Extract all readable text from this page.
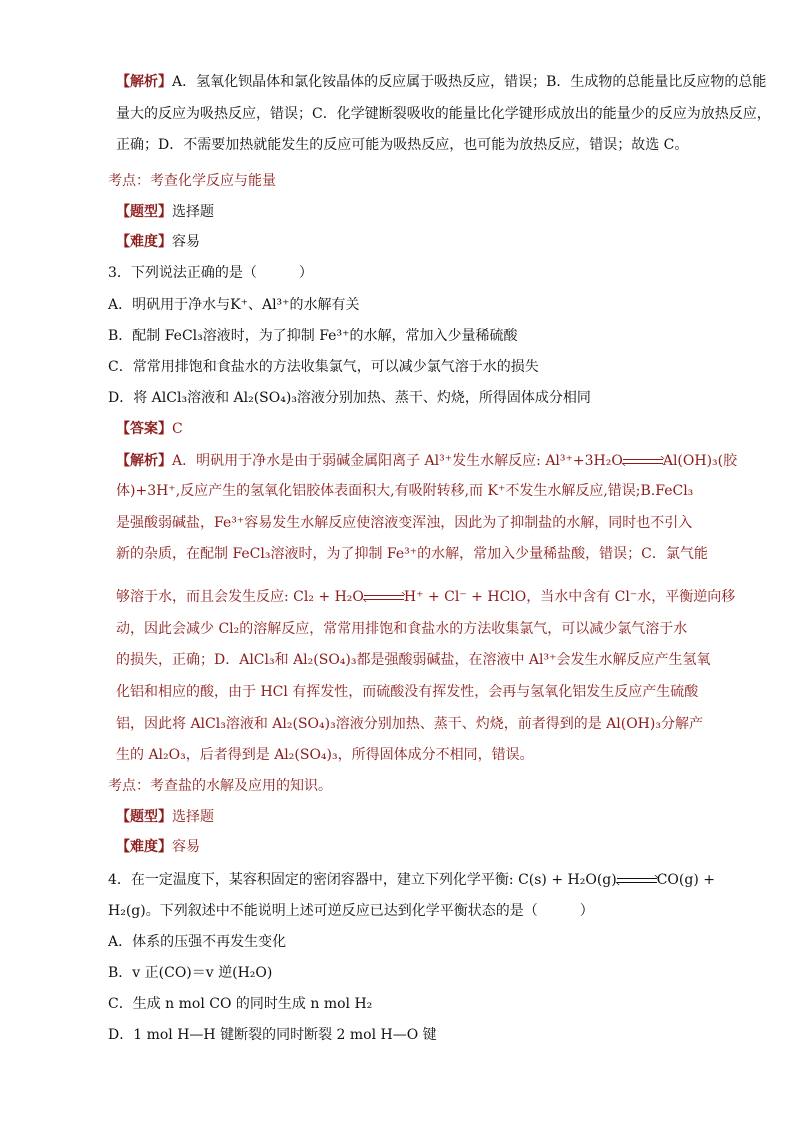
【解析】A．氢氧化钡晶体和氯化铵晶体的反应属于吸热反应，错误；B．生成物的总能量比反应物的总能
量大的反应为吸热反应，错误；C．化学键断裂吸收的能量比化学键形成放出的能量少的反应为放热反应，
正确；D．不需要加热就能发生的反应可能为吸热反应，也可能为放热反应，错误；故选 C。
考点：考查化学反应与能量
【题型】选择题
【难度】容易
3．下列说法正确的是（　　　）
A．明矾用于净水与K⁺、Al³⁺的水解有关
B．配制 FeCl₃溶液时，为了抑制 Fe³⁺的水解，常加入少量稀硫酸
C．常常用排饱和食盐水的方法收集氯气，可以减少氯气溶于水的损失
D．将 AlCl₃溶液和 Al₂(SO₄)₃溶液分别加热、蒸干、灼烧，所得固体成分相同
【答案】C
【解析】A．明矾用于净水是由于弱碱金属阳离子 Al³⁺发生水解反应: Al³⁺+3H₂O	Al(OH)₃(胶
体)+3H⁺,反应产生的氢氧化铝胶体表面积大,有吸附转移,而 K⁺不发生水解反应,错误;B.FeCl₃
是强酸弱碱盐，Fe³⁺容易发生水解反应使溶液变浑浊，因此为了抑制盐的水解，同时也不引入
新的杂质，在配制 FeCl₃溶液时，为了抑制 Fe³⁺的水解，常加入少量稀盐酸，错误；C．氯气能
够溶于水，而且会发生反应: Cl₂ + H₂O	H⁺ + Cl⁻ + HClO，当水中含有 Cl⁻水，平衡逆向移
动，因此会减少 Cl₂的溶解反应，常常用排饱和食盐水的方法收集氯气，可以减少氯气溶于水
的损失，正确；D．AlCl₃和 Al₂(SO₄)₃都是强酸弱碱盐，在溶液中 Al³⁺会发生水解反应产生氢氧
化铝和相应的酸，由于 HCl 有挥发性，而硫酸没有挥发性，会再与氢氧化铝发生反应产生硫酸
铝，因此将 AlCl₃溶液和 Al₂(SO₄)₃溶液分别加热、蒸干、灼烧，前者得到的是 Al(OH)₃分解产
生的 Al₂O₃，后者得到是 Al₂(SO₄)₃，所得固体成分不相同，错误。
考点：考查盐的水解及应用的知识。
【题型】选择题
【难度】容易
4．在一定温度下，某容积固定的密闭容器中，建立下列化学平衡: C(s) + H₂O(g)	CO(g) +
H₂(g)。下列叙述中不能说明上述可逆反应已达到化学平衡状态的是（　　　）
A．体系的压强不再发生变化
B．v 正(CO)＝v 逆(H₂O)
C．生成 n mol CO 的同时生成 n mol H₂
D．1 mol H—H 键断裂的同时断裂 2 mol H—O 键
